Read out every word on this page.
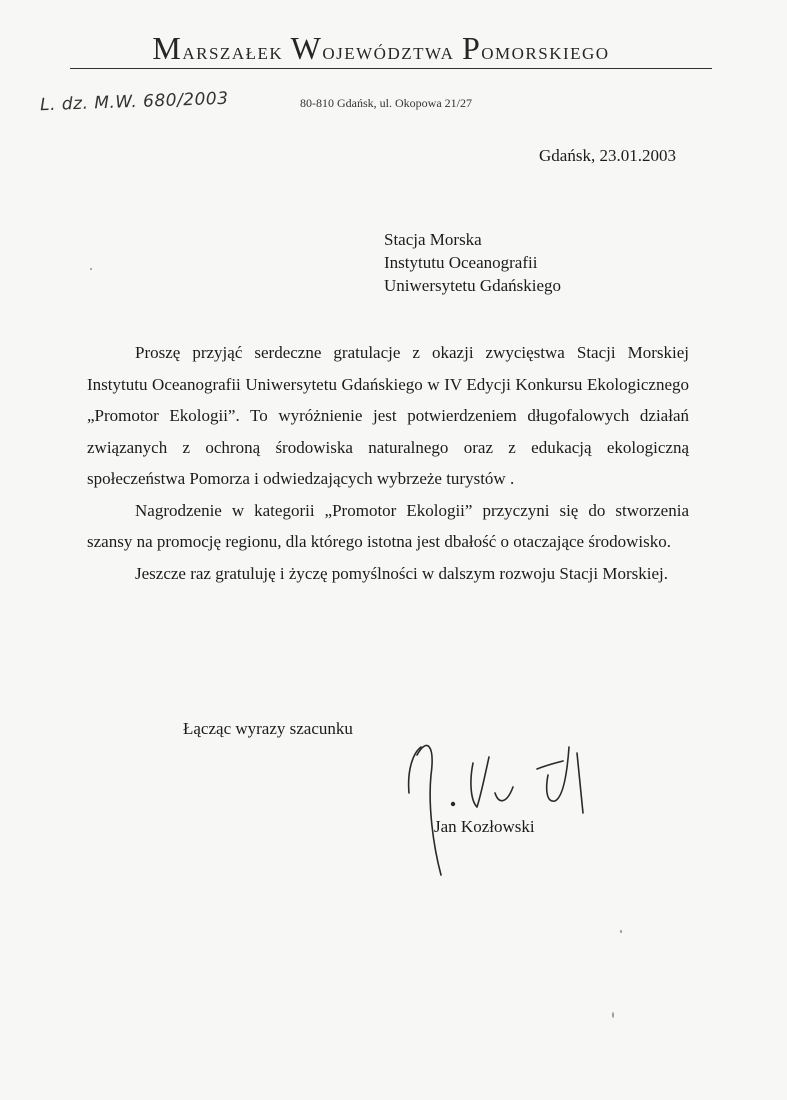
Marszałek Województwa Pomorskiego
L. dz. M.W. 680/2003	80-810 Gdańsk, ul. Okopowa 21/27
Gdańsk, 23.01.2003
Stacja Morska
Instytutu Oceanografii
Uniwersytetu Gdańskiego

Proszę przyjąć serdeczne gratulacje z okazji zwycięstwa Stacji Morskiej Instytutu Oceanografii Uniwersytetu Gdańskiego w IV Edycji Konkursu Ekologicznego „Promotor Ekologii”. To wyróżnienie jest potwierdzeniem długofalowych działań związanych z ochroną środowiska naturalnego oraz z edukacją ekologiczną społeczeństwa Pomorza i odwiedzających wybrzeże turystów .

Nagrodzenie w kategorii „Promotor Ekologii” przyczyni się do stworzenia szansy na promocję regionu, dla którego istotna jest dbałość o otaczające środowisko.

Jeszcze raz gratuluję i życzę pomyślności w dalszym rozwoju Stacji Morskiej.

Łącząc wyrazy szacunku
Jan Kozłowski
